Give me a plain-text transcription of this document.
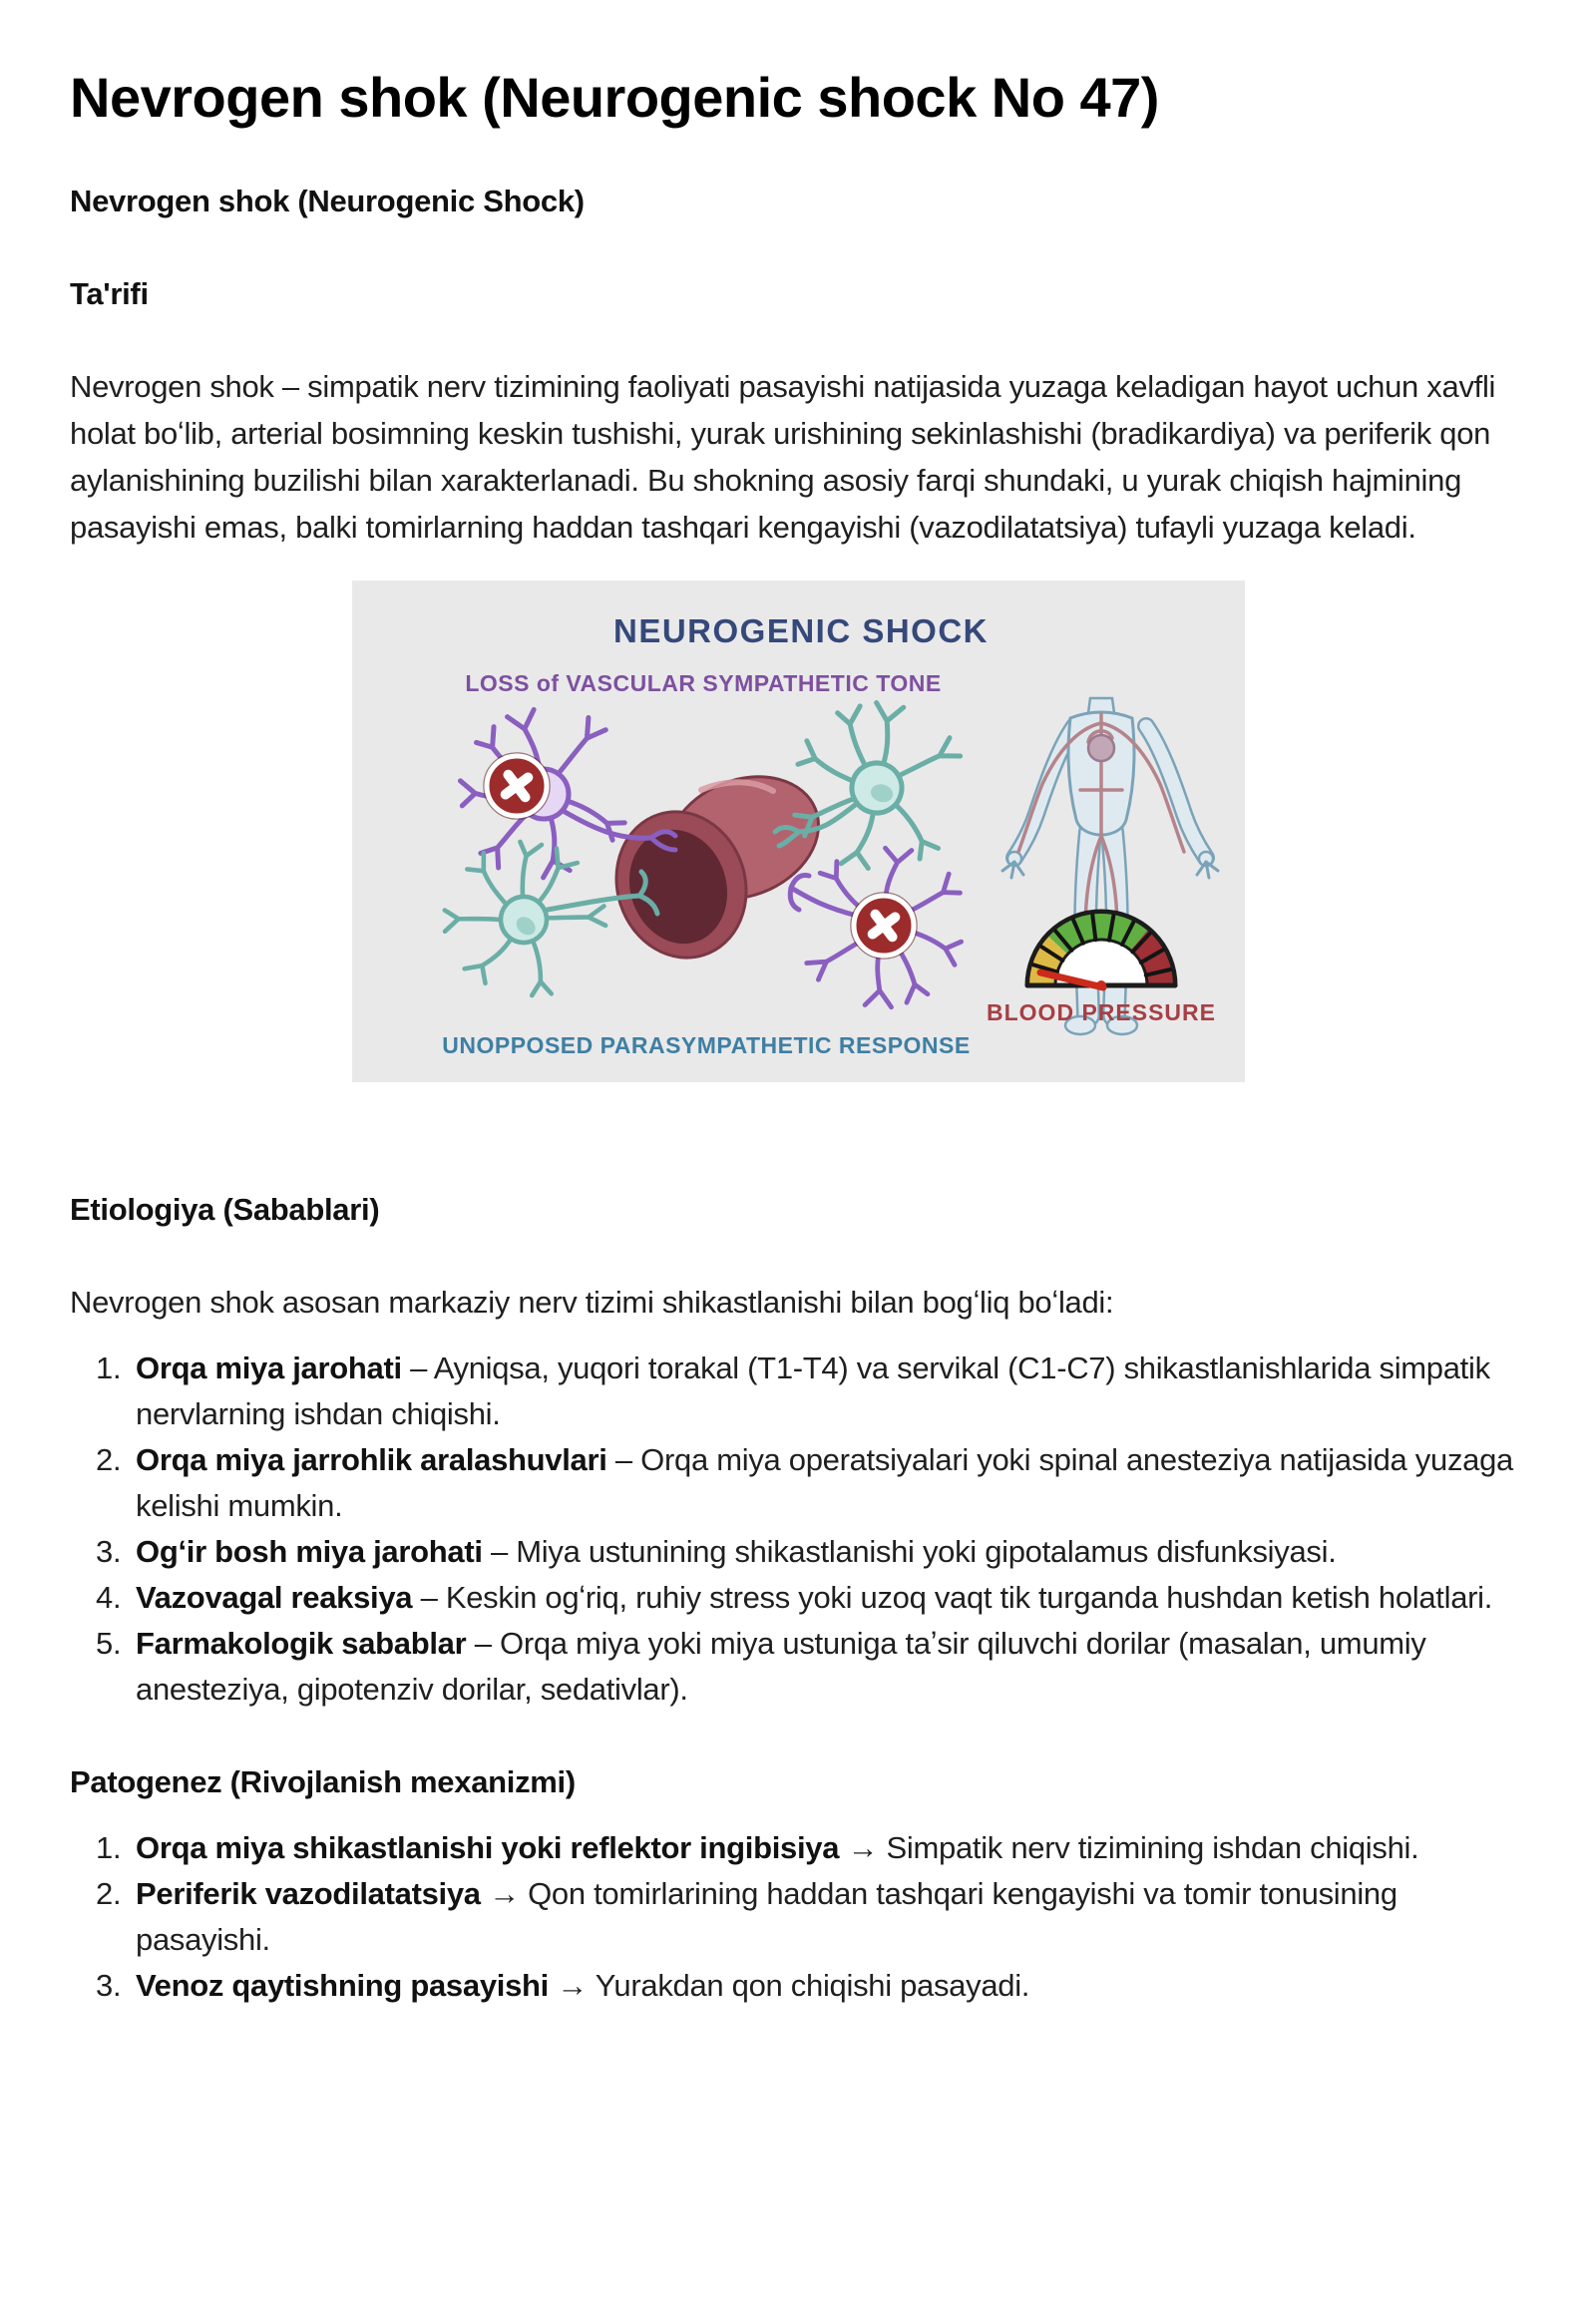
Nevrogen shok (Neurogenic shock No 47)
Nevrogen shok (Neurogenic Shock)
Ta'rifi

Nevrogen shok – simpatik nerv tizimining faoliyati pasayishi natijasida yuzaga keladigan hayot uchun xavfli holat boʻlib, arterial bosimning keskin tushishi, yurak urishining sekinlashishi (bradikardiya) va periferik qon aylanishining buzilishi bilan xarakterlanadi. Bu shokning asosiy farqi shundaki, u yurak chiqish hajmining pasayishi emas, balki tomirlarning haddan tashqari kengayishi (vazodilatatsiya) tufayli yuzaga keladi.

NEUROGENIC SHOCK
LOSS of VASCULAR SYMPATHETIC TONE
UNOPPOSED PARASYMPATHETIC RESPONSE
BLOOD PRESSURE
Etiologiya (Sabablari)

Nevrogen shok asosan markaziy nerv tizimi shikastlanishi bilan bogʻliq boʻladi:

Orqa miya jarohati – Ayniqsa, yuqori torakal (T1-T4) va servikal (C1-C7) shikastlanishlarida simpatik nervlarning ishdan chiqishi.
Orqa miya jarrohlik aralashuvlari – Orqa miya operatsiyalari yoki spinal anesteziya natijasida yuzaga kelishi mumkin.
Ogʻir bosh miya jarohati – Miya ustunining shikastlanishi yoki gipotalamus disfunksiyasi.
Vazovagal reaksiya – Keskin ogʻriq, ruhiy stress yoki uzoq vaqt tik turganda hushdan ketish holatlari.
Farmakologik sabablar – Orqa miya yoki miya ustuniga taʼsir qiluvchi dorilar (masalan, umumiy anesteziya, gipotenziv dorilar, sedativlar).
Patogenez (Rivojlanish mexanizmi)
Orqa miya shikastlanishi yoki reflektor ingibisiya → Simpatik nerv tizimining ishdan chiqishi.
Periferik vazodilatatsiya → Qon tomirlarining haddan tashqari kengayishi va tomir tonusining pasayishi.
Venoz qaytishning pasayishi → Yurakdan qon chiqishi pasayadi.
